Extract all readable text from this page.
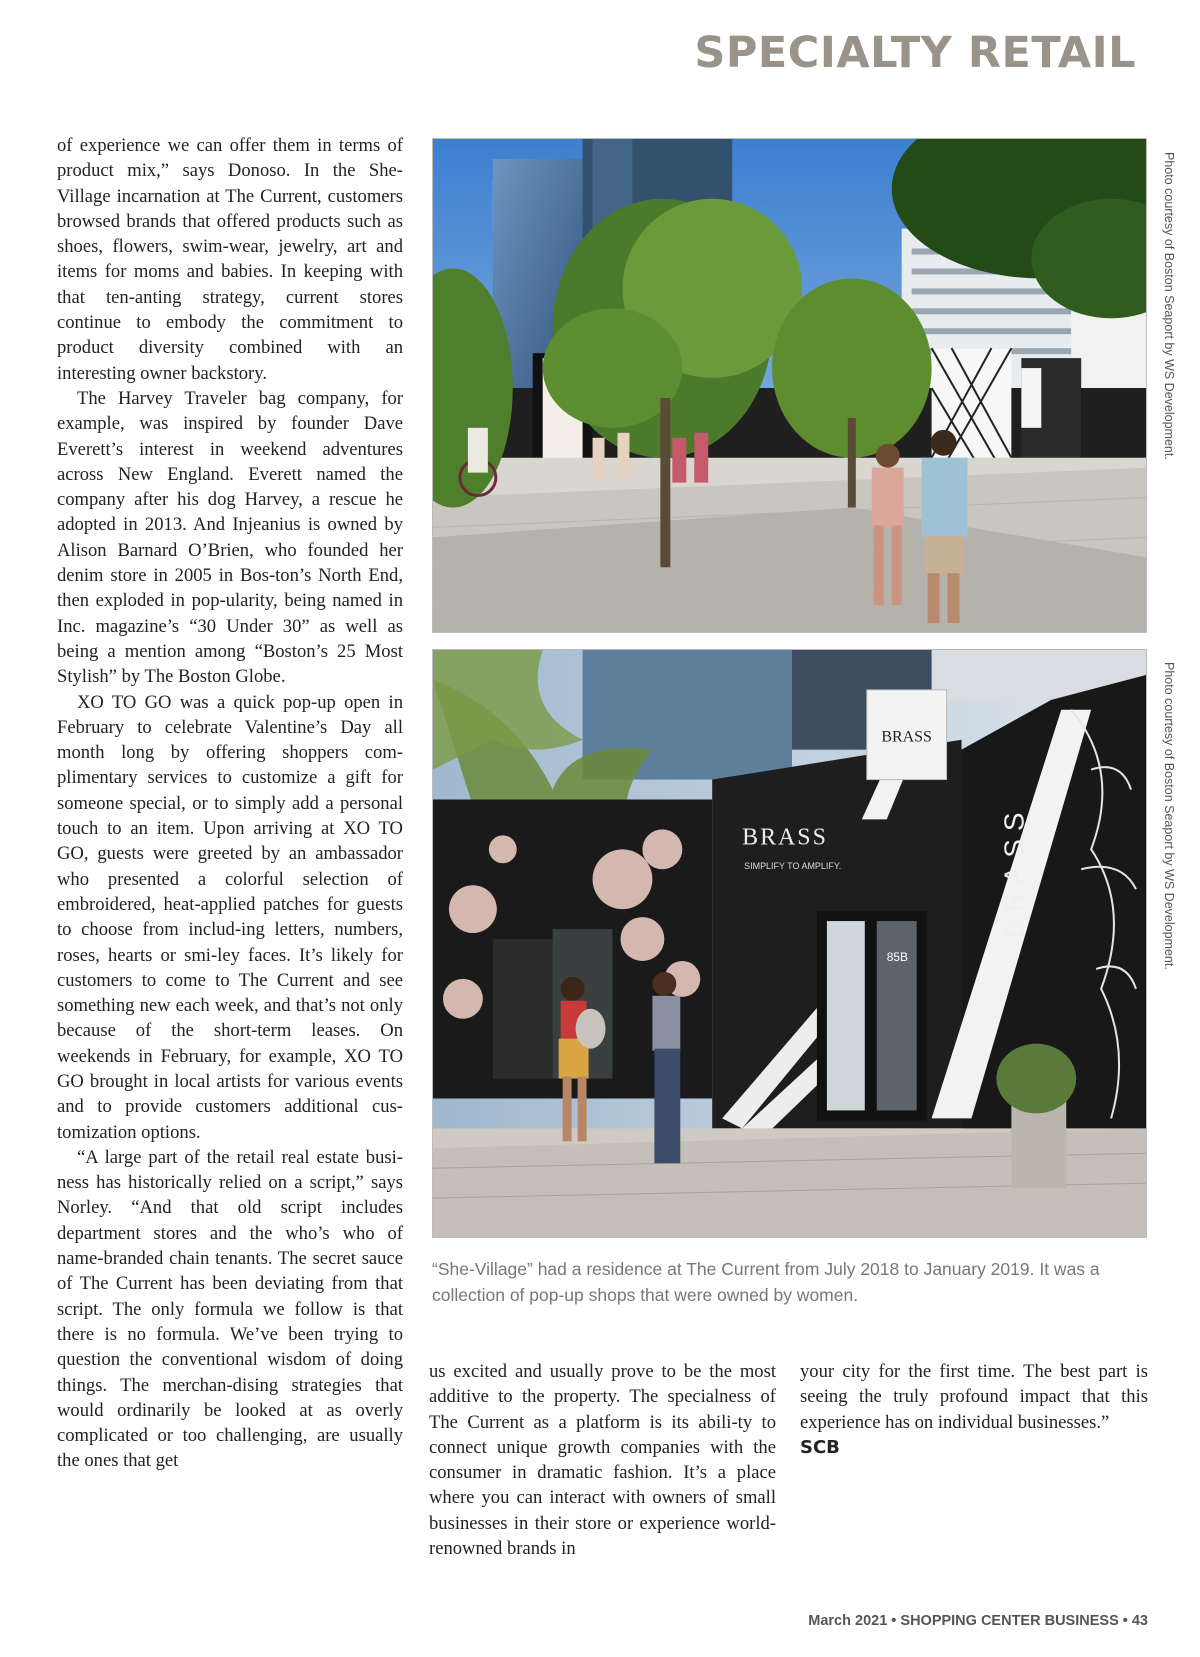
SPECIALTY RETAIL

of experience we can offer them in terms of product mix,” says Donoso. In the She-Village incarnation at The Current, customers browsed brands that offered products such as shoes, flowers, swim-wear, jewelry, art and items for moms and babies. In keeping with that ten-anting strategy, current stores continue to embody the commitment to product diversity combined with an interesting owner backstory.

The Harvey Traveler bag company, for example, was inspired by founder Dave Everett’s interest in weekend adventures across New England. Everett named the company after his dog Harvey, a rescue he adopted in 2013. And Injeanius is owned by Alison Barnard O’Brien, who founded her denim store in 2005 in Bos-ton’s North End, then exploded in pop-ularity, being named in Inc. magazine’s “30 Under 30” as well as being a mention among “Boston’s 25 Most Stylish” by The Boston Globe.

XO TO GO was a quick pop-up open in February to celebrate Valentine’s Day all month long by offering shoppers com-plimentary services to customize a gift for someone special, or to simply add a personal touch to an item. Upon arriving at XO TO GO, guests were greeted by an ambassador who presented a colorful selection of embroidered, heat-applied patches for guests to choose from includ-ing letters, numbers, roses, hearts or smi-ley faces. It’s likely for customers to come to The Current and see something new each week, and that’s not only because of the short-term leases. On weekends in February, for example, XO TO GO brought in local artists for various events and to provide customers additional cus-tomization options.

“A large part of the retail real estate busi-ness has historically relied on a script,” says Norley. “And that old script includes department stores and the who’s who of name-branded chain tenants. The secret sauce of The Current has been deviating from that script. The only formula we follow is that there is no formula. We’ve been trying to question the conventional wisdom of doing things. The merchan-dising strategies that would ordinarily be looked at as overly complicated or too challenging, are usually the ones that get

Photo courtesy of Boston Seaport by WS Development.
BRASS
BRASS
SIMPLIFY TO AMPLIFY.	BRASS
85B	Photo courtesy of Boston Seaport by WS Development.
“She-Village” had a residence at The Current from July 2018 to January 2019. It was a collection of pop-up shops that were owned by women.

us excited and usually prove to be the most additive to the property. The specialness of The Current as a platform is its abili-ty to connect unique growth companies with the consumer in dramatic fashion. It’s a place where you can interact with owners of small businesses in their store or experience world-renowned brands in

your city for the first time. The best part is seeing the truly profound impact that this experience has on individual businesses.”

SCB
March 2021 • SHOPPING CENTER BUSINESS • 43
